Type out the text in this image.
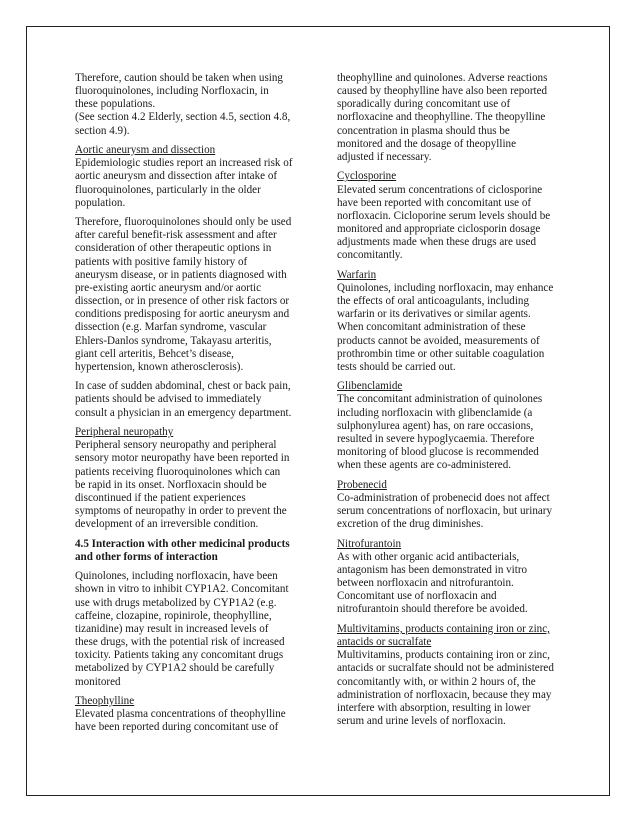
Therefore, caution should be taken when using
fluoroquinolones, including Norfloxacin, in
these populations.
(See section 4.2 Elderly, section 4.5, section 4.8,
section 4.9).

Aortic aneurysm and dissection
Epidemiologic studies report an increased risk of
aortic aneurysm and dissection after intake of
fluoroquinolones, particularly in the older
population.

Therefore, fluoroquinolones should only be used
after careful benefit-risk assessment and after
consideration of other therapeutic options in
patients with positive family history of
aneurysm disease, or in patients diagnosed with
pre-existing aortic aneurysm and/or aortic
dissection, or in presence of other risk factors or
conditions predisposing for aortic aneurysm and
dissection (e.g. Marfan syndrome, vascular
Ehlers-Danlos syndrome, Takayasu arteritis,
giant cell arteritis, Behcet’s disease,
hypertension, known atherosclerosis).

In case of sudden abdominal, chest or back pain,
patients should be advised to immediately
consult a physician in an emergency department.

Peripheral neuropathy
Peripheral sensory neuropathy and peripheral
sensory motor neuropathy have been reported in
patients receiving fluoroquinolones which can
be rapid in its onset. Norfloxacin should be
discontinued if the patient experiences
symptoms of neuropathy in order to prevent the
development of an irreversible condition.

4.5 Interaction with other medicinal products
and other forms of interaction

Quinolones, including norfloxacin, have been
shown in vitro to inhibit CYP1A2. Concomitant
use with drugs metabolized by CYP1A2 (e.g.
caffeine, clozapine, ropinirole, theophylline,
tizanidine) may result in increased levels of
these drugs, with the potential risk of increased
toxicity. Patients taking any concomitant drugs
metabolized by CYP1A2 should be carefully
monitored

Theophylline
Elevated plasma concentrations of theophylline
have been reported during concomitant use of

theophylline and quinolones. Adverse reactions
caused by theophylline have also been reported
sporadically during concomitant use of
norfloxacine and theophylline. The theopylline
concentration in plasma should thus be
monitored and the dosage of theopylline
adjusted if necessary.

Cyclosporine
Elevated serum concentrations of ciclosporine
have been reported with concomitant use of
norfloxacin. Cicloporine serum levels should be
monitored and appropriate ciclosporin dosage
adjustments made when these drugs are used
concomitantly.

Warfarin
Quinolones, including norfloxacin, may enhance
the effects of oral anticoagulants, including
warfarin or its derivatives or similar agents.
When concomitant administration of these
products cannot be avoided, measurements of
prothrombin time or other suitable coagulation
tests should be carried out.

Glibenclamide
The concomitant administration of quinolones
including norfloxacin with glibenclamide (a
sulphonylurea agent) has, on rare occasions,
resulted in severe hypoglycaemia. Therefore
monitoring of blood glucose is recommended
when these agents are co-administered.

Probenecid
Co-administration of probenecid does not affect
serum concentrations of norfloxacin, but urinary
excretion of the drug diminishes.

Nitrofurantoin
As with other organic acid antibacterials,
antagonism has been demonstrated in vitro
between norfloxacin and nitrofurantoin.
Concomitant use of norfloxacin and
nitrofurantoin should therefore be avoided.

Multivitamins, products containing iron or zinc,
antacids or sucralfate
Multivitamins, products containing iron or zinc,
antacids or sucralfate should not be administered
concomitantly with, or within 2 hours of, the
administration of norfloxacin, because they may
interfere with absorption, resulting in lower
serum and urine levels of norfloxacin.
